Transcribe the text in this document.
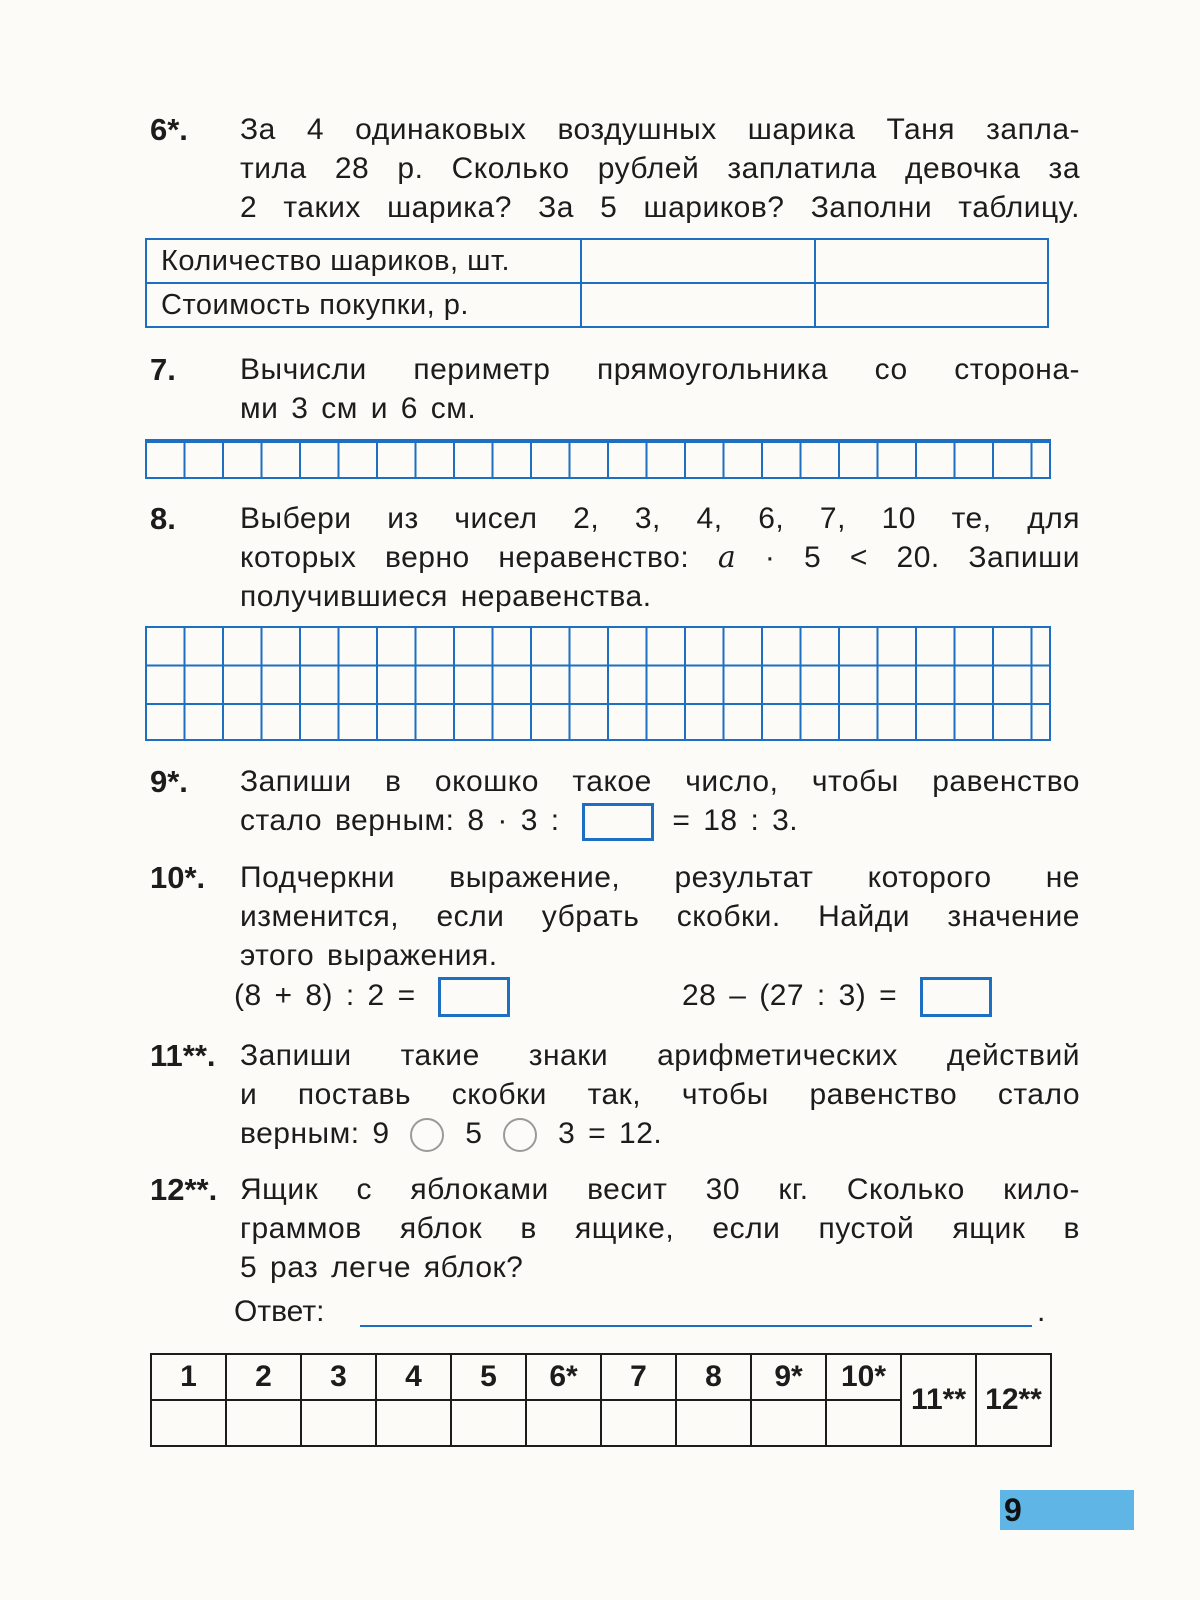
6*. За 4 одинаковых воздушных шарика Таня запла-
тила 28 р. Сколько рублей заплатила девочка за
2 таких шарика? За 5 шариков? Заполни таблицу.
Количество шариков, шт.		
Стоимость покупки, р.		
7. Вычисли периметр прямоугольника со сторона-
ми 3 см и 6 см.
8. Выбери из чисел 2, 3, 4, 6, 7, 10 те, для
которых верно неравенство: a · 5 < 20. Запиши
получившиеся неравенства.
9*. Запиши в окошко такое число, чтобы равенство
стало верным: 8 · 3 :	= 18 : 3.
10*. Подчеркни выражение, результат которого не
изменится, если убрать скобки. Найди значение
этого выражения.
(8 + 8) : 2 =	28 – (27 : 3) =
11**. Запиши такие знаки арифметических действий
и поставь скобки так, чтобы равенство стало
верным: 9	5	3 = 12.
12**. Ящик с яблоками весит 30 кг. Сколько кило-
граммов яблок в ящике, если пустой ящик в
5 раз легче яблок?
Ответ:	.
1	2	3	4	5	6*	7	8	9*	10*	11**	12**

9
